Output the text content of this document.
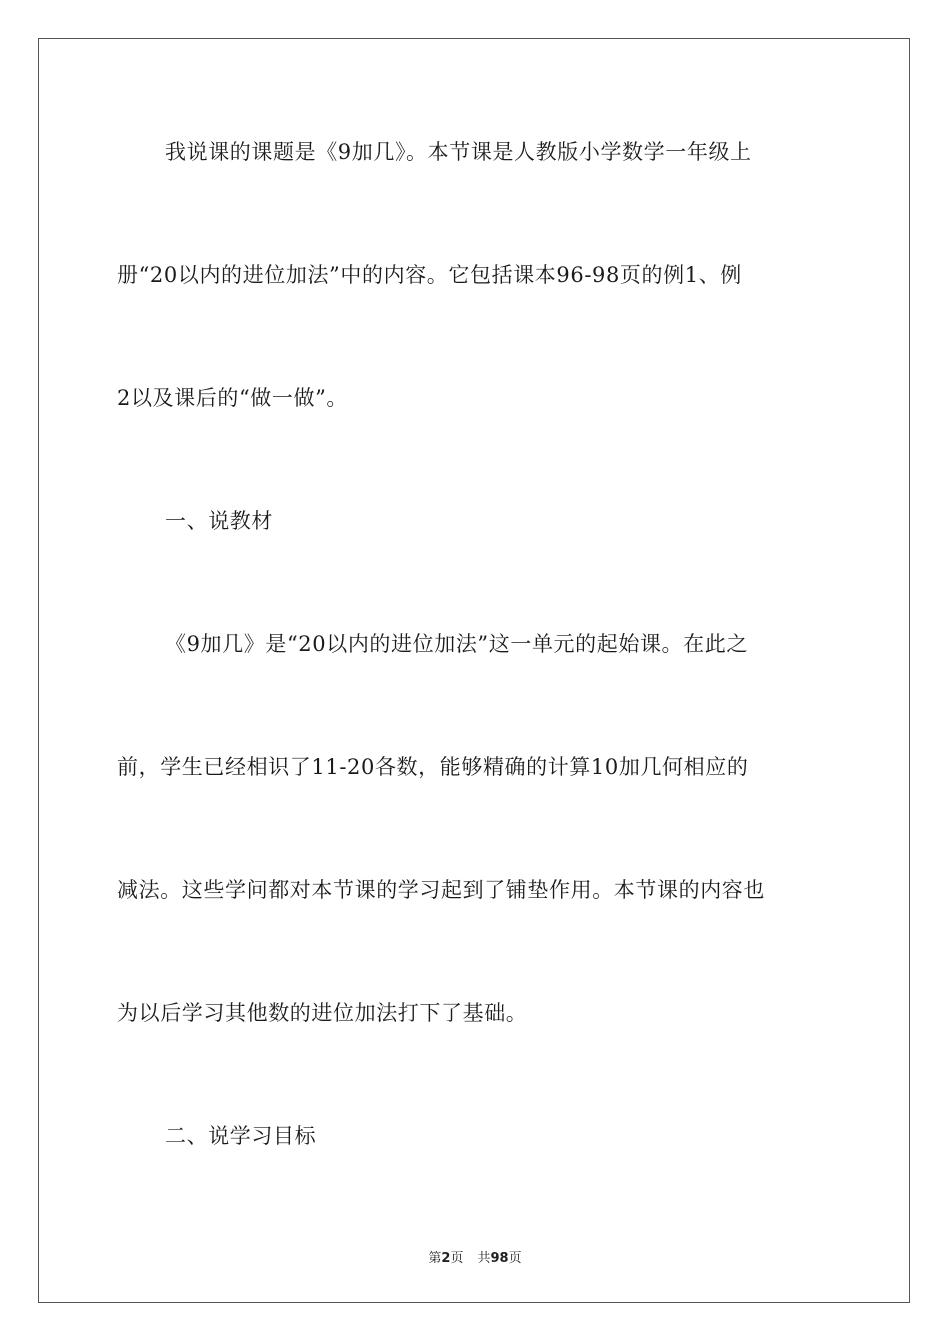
我说课的课题是《9加几》。本节课是人教版小学数学一年级上
册“20以内的进位加法”中的内容。它包括课本96-98页的例1、例
2以及课后的“做一做”。
一、说教材
《9加几》是“20以内的进位加法”这一单元的起始课。在此之
前，学生已经相识了11-20各数，能够精确的计算10加几何相应的
减法。这些学问都对本节课的学习起到了铺垫作用。本节课的内容也
为以后学习其他数的进位加法打下了基础。
二、说学习目标
第2页 共98页
